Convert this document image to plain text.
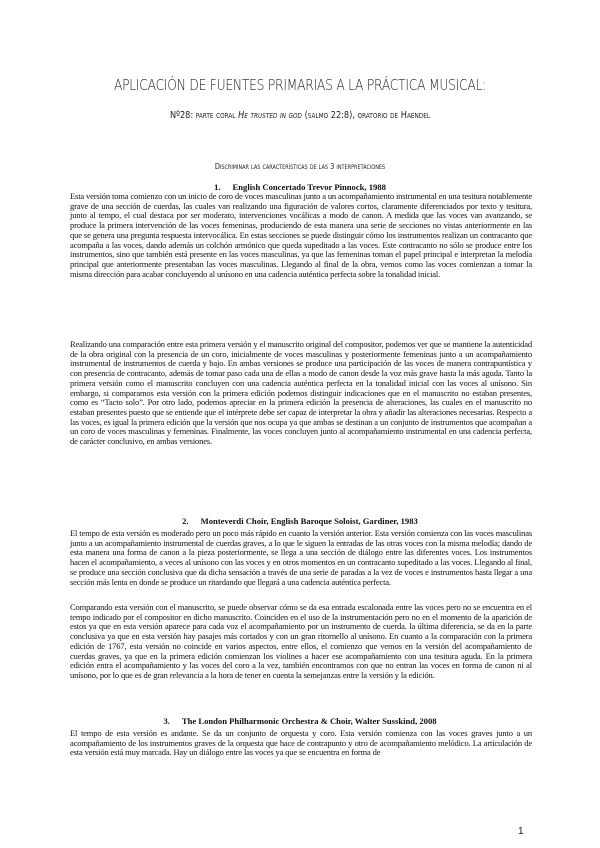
APLICACIÓN DE FUENTES PRIMARIAS A LA PRÁCTICA MUSICAL:
Nº28: parte coral He trusted in god (salmo 22:8), oratorio de Haendel
Discriminar las características de las 3 interpretaciones
1. English Concertado Trevor Pinnock, 1988
Esta versión toma comienzo con un inicio de coro de voces masculinas junto a un acompañamiento instrumental en una tesitura notablemente grave de una sección de cuerdas, las cuales van realizando una figuración de valores cortos, claramente diferenciados por texto y tesitura, junto al tempo, el cual destaca por ser moderato, intervenciones vocálicas a modo de canon. A medida que las voces van avanzando, se produce la primera intervención de las voces femeninas, produciendo de esta manera una serie de secciones no vistas anteriormente en las que se genera una pregunta respuesta intervocálica. En estas secciones se puede distinguir cómo los instrumentos realizan un contracanto que acompaña a las voces, dando además un colchón armónico que queda supeditado a las voces. Este contracanto no sólo se produce entre los instrumentos, sino que también está presente en las voces masculinas, ya que las femeninas toman el papel principal e interpretan la melodía principal que anteriormente presentaban las voces masculinas. Llegando al final de la obra, vemos como las voces comienzan a tomar la misma dirección para acabar concluyendo al unísono en una cadencia auténtica perfecta sobre la tonalidad inicial.
Realizando una comparación entre esta primera versión y el manuscrito original del compositor, podemos ver que se mantiene la autenticidad de la obra original con la presencia de un coro, inicialmente de voces masculinas y posteriormente femeninas junto a un acompañamiento instrumental de instrumentos de cuerda y bajo. En ambas versiones se produce una participación de las voces de manera contrapuntística y con presencia de contracanto, además de tomar paso cada una de ellas a modo de canon desde la voz más grave hasta la más aguda. Tanto la primera versión como el manuscrito concluyen con una cadencia auténtica perfecta en la tonalidad inicial con las voces al unísono. Sin embargo, si comparamos esta versión con la primera edición podemos distinguir indicaciones que en el manuscrito no estaban presentes, como es “Tacto solo”. Por otro lado, podemos apreciar en la primera edición la presencia de alteraciones, las cuales en el manuscrito no estaban presentes puesto que se entiende que el intérprete debe ser capaz de interpretar la obra y añadir las alteraciones necesarias. Respecto a las voces, es igual la primera edición que la versión que nos ocupa ya que ambas se destinan a un conjunto de instrumentos que acompañan a un coro de voces masculinas y femeninas. Finalmente, las voces concluyen junto al acompañamiento instrumental en una cadencia perfecta, de carácter conclusivo, en ambas versiones.
2. Monteverdi Choir, English Baroque Soloist, Gardiner, 1983
El tempo de esta versión es moderado pero un poco más rápido en cuanto la versión anterior. Esta versión comienza con las voces masculinas junto a un acompañamiento instrumental de cuerdas graves, a lo que le siguen la entradas de las otras voces con la misma melodía; dando de esta manera una forma de canon a la pieza posteriormente, se llega a una sección de diálogo entre las diferentes voces. Los instrumentos hacen el acompañamiento, a veces al unísono con las voces y en otros momentos en un contracanto supeditado a las voces. Llegando al final, se produce una sección conclusiva que da dicha sensación a través de una serie de paradas a la vez de voces e instrumentos hasta llegar a una sección más lenta en donde se produce un ritardando que llegará a una cadencia auténtica perfecta.
Comparando esta versión con el manuscrito, se puede observar cómo se da esa entrada escalonada entre las voces pero no se encuentra en el tempo indicado por el compositor en dicho manuscrito. Coinciden en el uso de la instrumentación pero no en el momento de la aparición de estos ya que en esta versión aparece para cada voz el acompañamiento por un instrumento de cuerda. la última diferencia, se da en la parte conclusiva ya que en esta versión hay pasajes más cortados y con un gran ritornello al unísono. En cuanto a la comparación con la primera edición de 1767, esta versión no coincide en varios aspectos, entre ellos, el comienzo que vemos en la versión del acompañamiento de cuerdas graves, ya que en la primera edición comienzan los violines a hacer ese acompañamiento con una tesitura aguda. En la primera edición entra el acompañamiento y las voces del coro a la vez, también encontramos con que no entran las voces en forma de canon ni al unísono, por lo que es de gran relevancia a la hora de tener en cuenta la semejanzas entre la versión y la edición.
3. The London Philharmonic Orchestra & Choir, Walter Susskind, 2008
El tempo de esta versión es andante. Se da un conjunto de orquesta y coro. Esta versión comienza con las voces graves junto a un acompañamiento de los instrumentos graves de la orquesta que hace de contrapunto y otro de acompañamiento melódico. La articulación de esta versión está muy marcada. Hay un diálogo entre las voces ya que se encuentra en forma de
1
